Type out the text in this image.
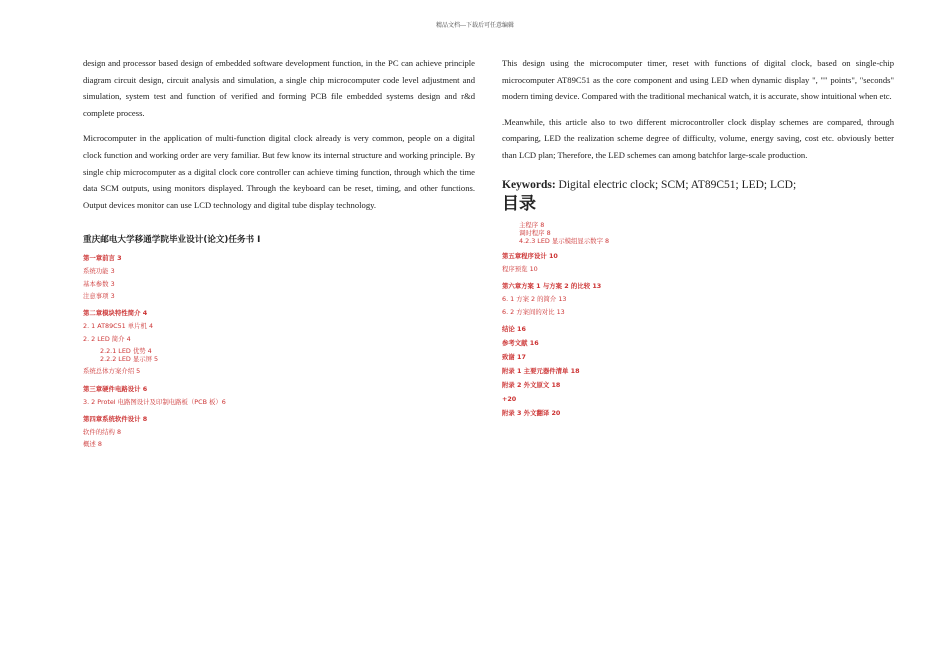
精品文档---下载后可任意编辑

design and processor based design of embedded software development function, in the PC can achieve principle diagram circuit design, circuit analysis and simulation, a single chip microcomputer code level adjustment and simulation, system test and function of verified and forming PCB file embedded systems design and r&d complete process.

Microcomputer in the application of multi-function digital clock already is very common, people on a digital clock function and working order are very familiar. But few know its internal structure and working principle. By single chip microcomputer as a digital clock core controller can achieve timing function, through which the time data SCM outputs, using monitors displayed. Through the keyboard can be reset, timing, and other functions. Output devices monitor can use LCD technology and digital tube display technology.

重庆邮电大学移通学院毕业设计(论文)任务书 I
第一章前言 3
系统功能 3
基本参数 3
注意事项 3
第二章模块特性简介 4
2. 1 AT89C51 单片机 4
2. 2 LED 简介 4
2.2.1 LED 优势 4
2.2.2 LED 显示屏 5
系统总体方案介绍 5
第三章硬件电路设计 6
3. 2 Protel 电路图设计及印制电路板（PCB 板）6
第四章系统软件设计 8
软件的结构 8
概述 8

This design using the microcomputer timer, reset with functions of digital clock, based on single-chip microcomputer AT89C51 as the core component and using LED when dynamic display ", "" points", "seconds" modern timing device. Compared with the traditional mechanical watch, it is accurate, show intuitional when etc.

.Meanwhile, this article also to two different microcontroller clock display schemes are compared, through comparing, LED the realization scheme degree of difficulty, volume, energy saving, cost etc. obviously better than LCD plan; Therefore, the LED schemes can among batchfor large-scale production.

Keywords: Digital electric clock; SCM; AT89C51; LED; LCD;

目录
主程序 8
调时程序 8
4.2.3 LED 显示模组显示数字 8
第五章程序设计 10
程序预览 10
第六章方案 1 与方案 2 的比较 13
6. 1 方案 2 的简介 13
6. 2 方案间的对比 13
结论 16
参考文献 16
致谢 17
附录 1 主要元器件清单 18
附录 2 外文原文 18
+20
附录 3 外文翻译 20
